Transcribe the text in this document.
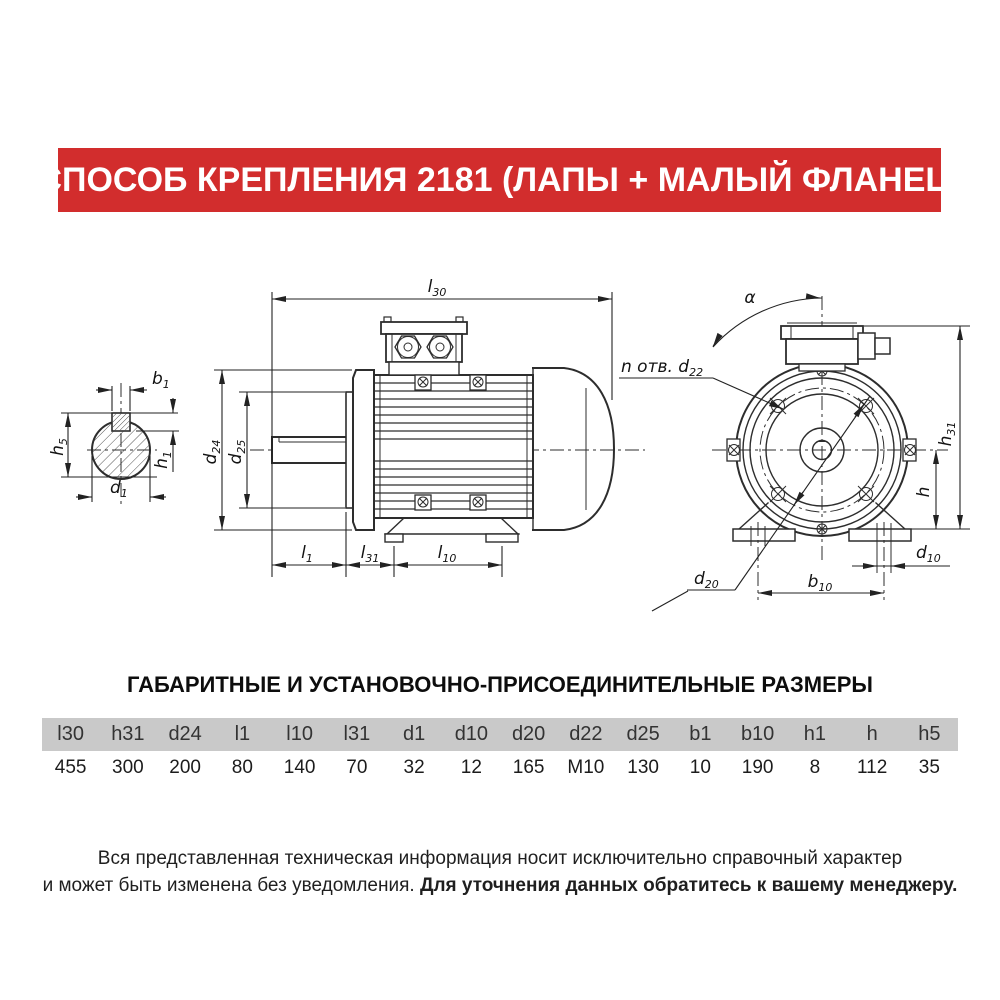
СПОСОБ КРЕПЛЕНИЯ 2181 (ЛАПЫ + МАЛЫЙ ФЛАНЕЦ)
$b_1$
$h_5$
$h_1$
$d_1$
$l_{30}$
$d_{24}$
$d_{25}$
$l_1$	$l_{31}$	$l_{10}$
α
n отв. $d_{22}$
$d_{20}$
$d_{10}$
$b_{10}$
h
$h_{31}$
ГАБАРИТНЫЕ И УСТАНОВОЧНО-ПРИСОЕДИНИТЕЛЬНЫЕ РАЗМЕРЫ
l30	h31	d24	l1	l10	l31	d1	d10	d20	d22	d25	b1	b10	h1	h	h5
455	300	200	80	140	70	32	12	165	M10	130	10	190	8	112	35
Вся представленная техническая информация носит исключительно справочный характер
и может быть изменена без уведомления. Для уточнения данных обратитесь к вашему менеджеру.
